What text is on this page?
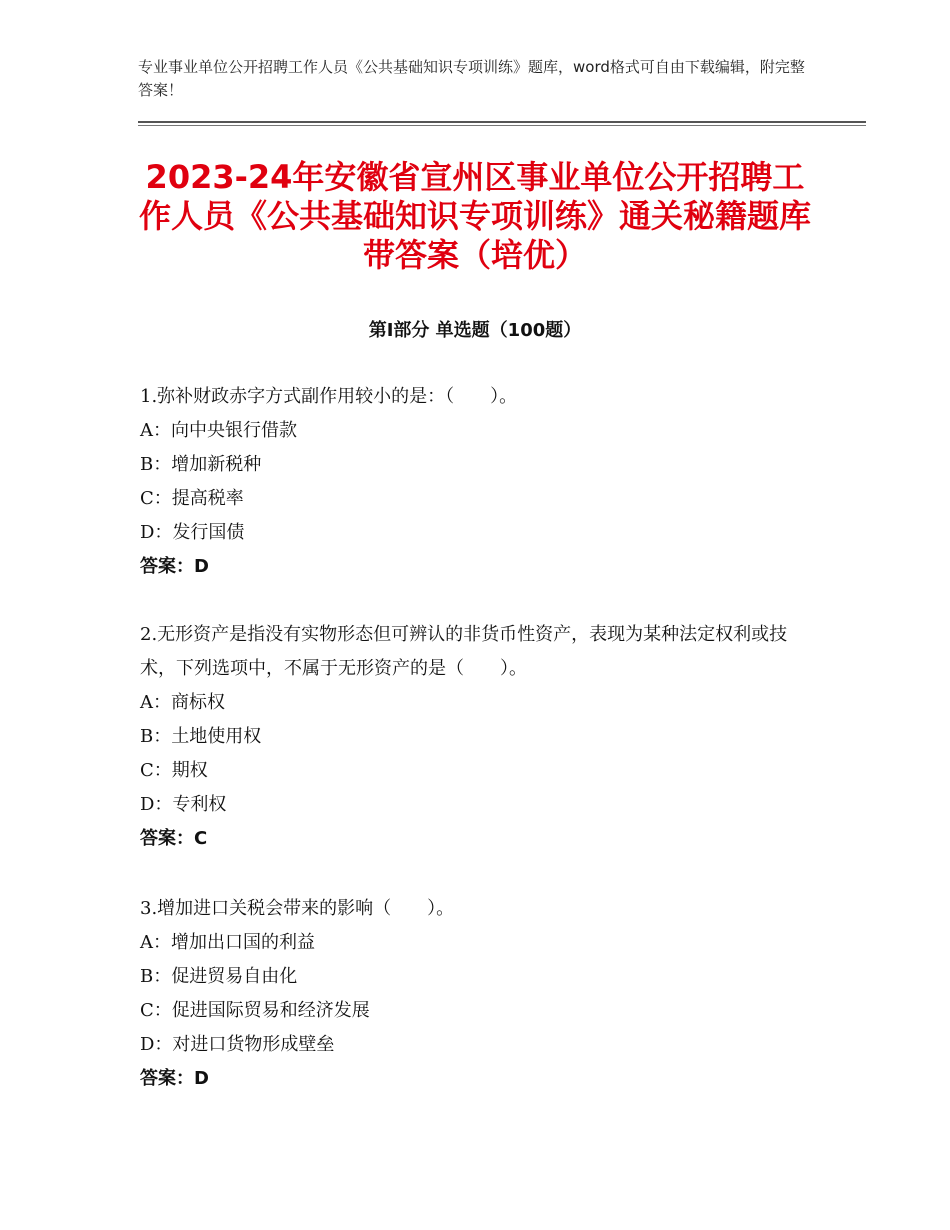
专业事业单位公开招聘工作人员《公共基础知识专项训练》题库，word格式可自由下载编辑，附完整答案！
2023-24年安徽省宣州区事业单位公开招聘工作人员《公共基础知识专项训练》通关秘籍题库带答案（培优）
第Ⅰ部分 单选题（100题）

1.弥补财政赤字方式副作用较小的是：（　　）。

A：向中央银行借款

B：增加新税种

C：提高税率

D：发行国债

答案：D

2.无形资产是指没有实物形态但可辨认的非货币性资产，表现为某种法定权利或技术，下列选项中，不属于无形资产的是（　　）。

A：商标权

B：土地使用权

C：期权

D：专利权

答案：C

3.增加进口关税会带来的影响（　　）。

A：增加出口国的利益

B：促进贸易自由化

C：促进国际贸易和经济发展

D：对进口货物形成壁垒

答案：D
